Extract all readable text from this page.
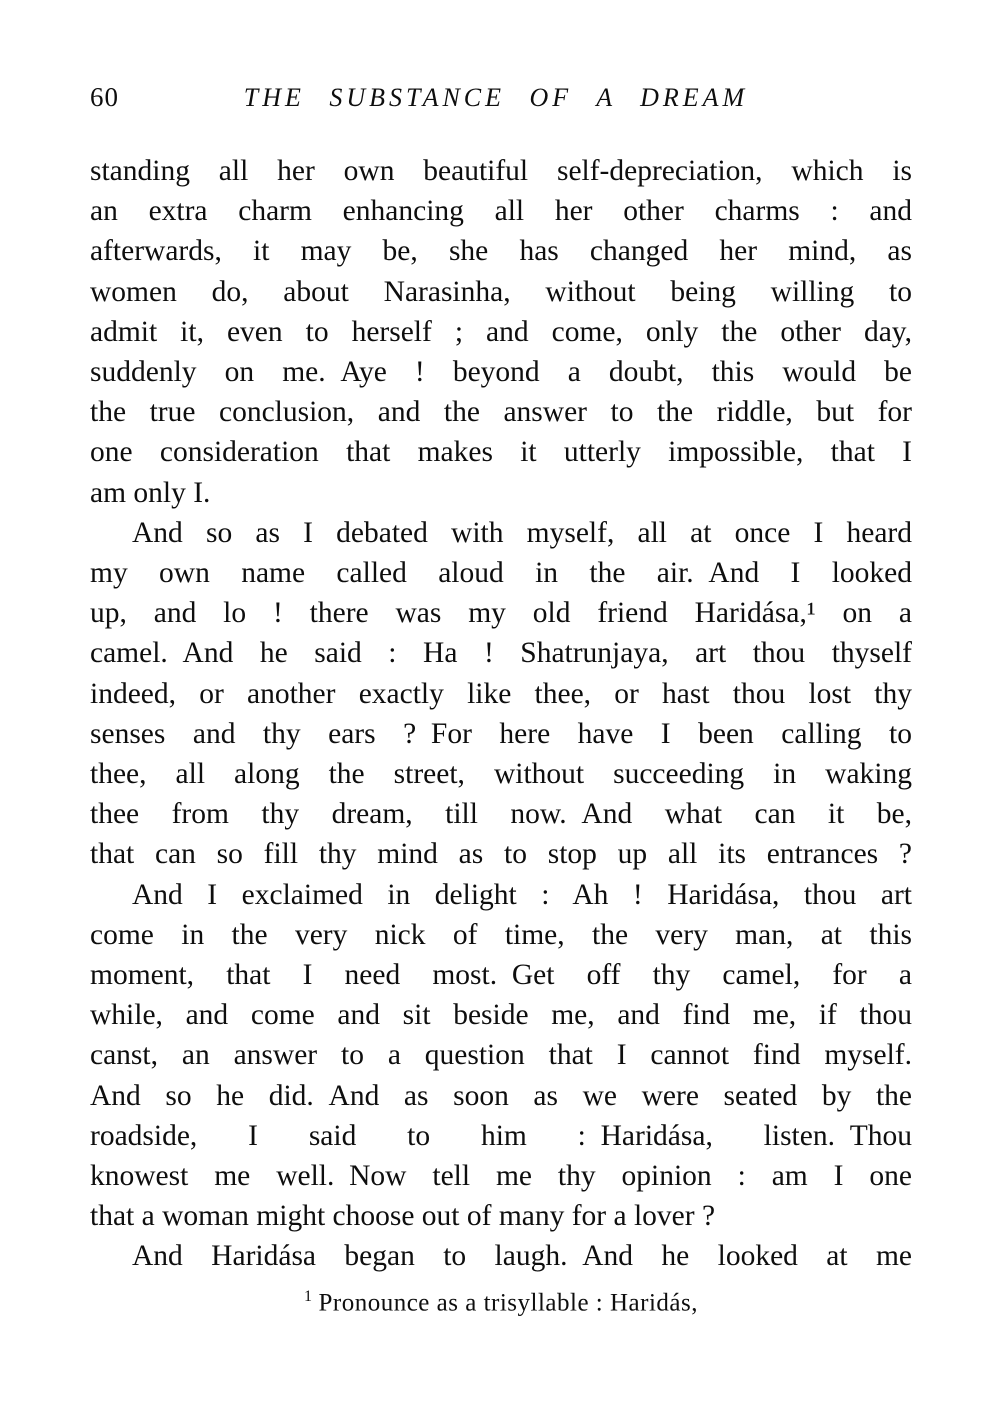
60	THE SUBSTANCE OF A DREAM
standing all her own beautiful self-depreciation, which is
an extra charm enhancing all her other charms : and
afterwards, it may be, she has changed her mind, as
women do, about Narasinha, without being willing to
admit it, even to herself ; and come, only the other day,
suddenly on me. Aye ! beyond a doubt, this would be
the true conclusion, and the answer to the riddle, but for
one consideration that makes it utterly impossible, that I
am only I.
And so as I debated with myself, all at once I heard
my own name called aloud in the air. And I looked
up, and lo ! there was my old friend Haridása,¹ on a
camel. And he said : Ha ! Shatrunjaya, art thou thyself
indeed, or another exactly like thee, or hast thou lost thy
senses and thy ears ? For here have I been calling to
thee, all along the street, without succeeding in waking
thee from thy dream, till now. And what can it be,
that can so fill thy mind as to stop up all its entrances ?
And I exclaimed in delight : Ah ! Haridása, thou art
come in the very nick of time, the very man, at this
moment, that I need most. Get off thy camel, for a
while, and come and sit beside me, and find me, if thou
canst, an answer to a question that I cannot find myself.
And so he did. And as soon as we were seated by the
roadside, I said to him : Haridása, listen. Thou
knowest me well. Now tell me thy opinion : am I one
that a woman might choose out of many for a lover ?
And Haridása began to laugh. And he looked at me
$^1$ Pronounce as a trisyllable : Haridás,
